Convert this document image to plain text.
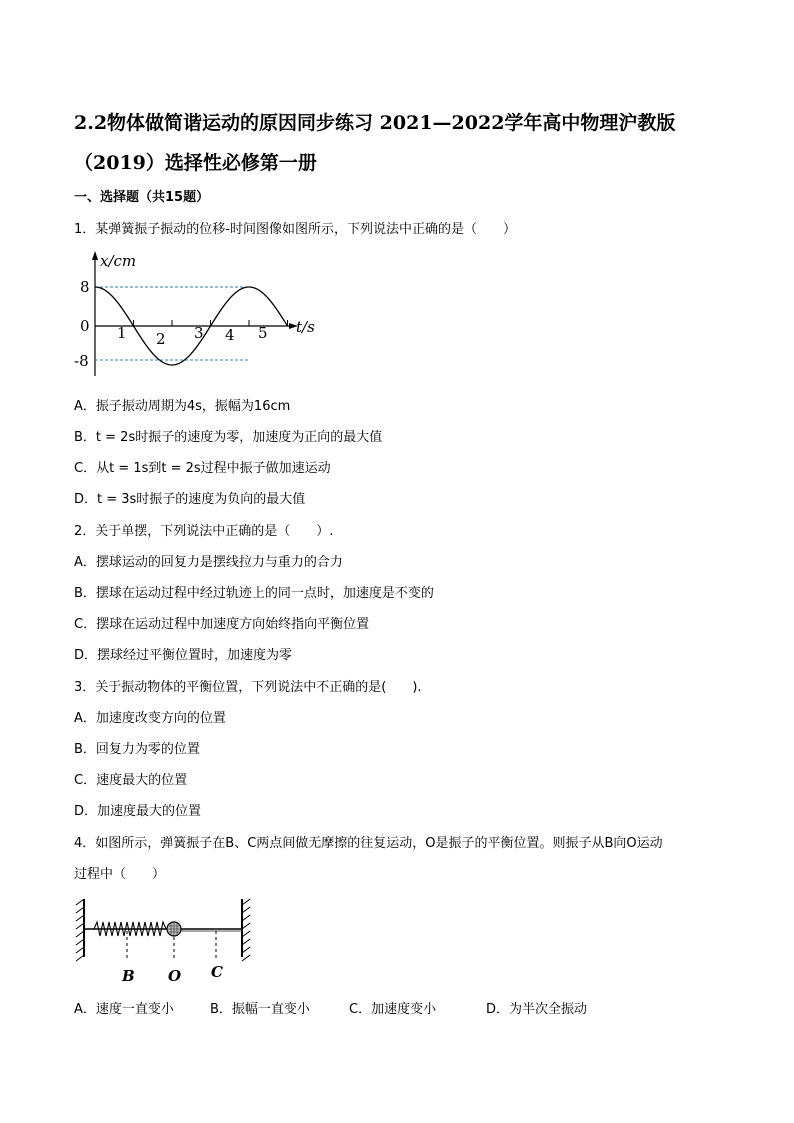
2.2物体做简谐运动的原因同步练习 2021—2022学年高中物理沪教版（2019）选择性必修第一册
一、选择题（共15题）
1．某弹簧振子振动的位移-时间图像如图所示，下列说法中正确的是（　　）
x/cm
t/s
8
0
-8
1 2 3 4 5
A．振子振动周期为4s，振幅为16cm
B．t = 2s时振子的速度为零，加速度为正向的最大值
C．从t = 1s到t = 2s过程中振子做加速运动
D．t = 3s时振子的速度为负向的最大值
2．关于单摆，下列说法中正确的是（　　）.
A．摆球运动的回复力是摆线拉力与重力的合力
B．摆球在运动过程中经过轨迹上的同一点时，加速度是不变的
C．摆球在运动过程中加速度方向始终指向平衡位置
D．摆球经过平衡位置时，加速度为零
3．关于振动物体的平衡位置，下列说法中不正确的是(　　).
A．加速度改变方向的位置
B．回复力为零的位置
C．速度最大的位置
D．加速度最大的位置
4．如图所示，弹簧振子在B、C两点间做无摩擦的往复运动，O是振子的平衡位置。则振子从B向O运动
过程中（　　）
B O C
A．速度一直变小	B．振幅一直变小	C．加速度变小	D．为半次全振动
